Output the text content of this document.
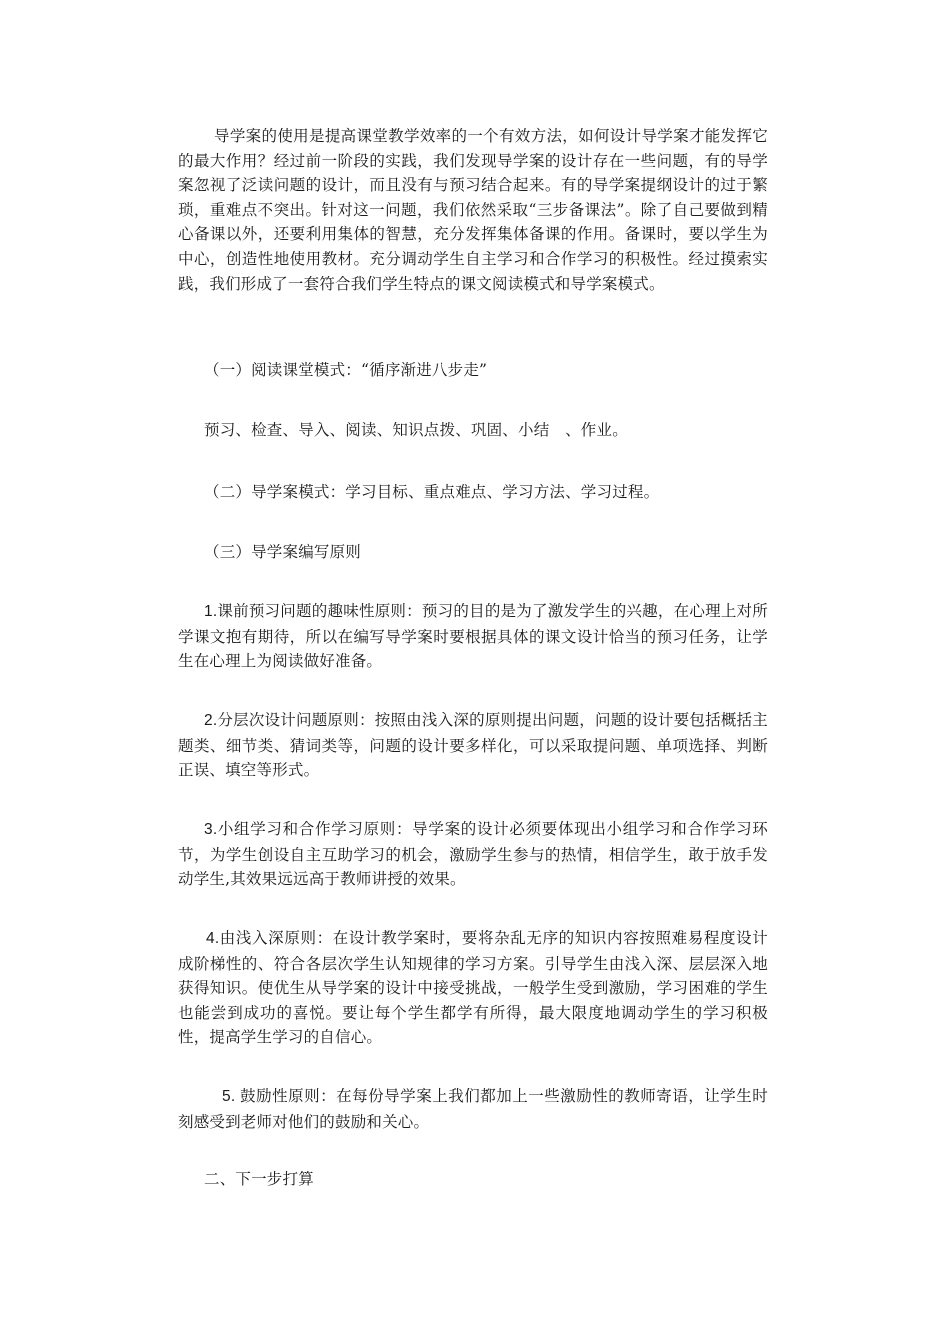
导学案的使用是提高课堂教学效率的一个有效方法，如何设计导学案才能发挥它的最大作用？经过前一阶段的实践，我们发现导学案的设计存在一些问题，有的导学案忽视了泛读问题的设计，而且没有与预习结合起来。有的导学案提纲设计的过于繁琐，重难点不突出。针对这一问题，我们依然采取“三步备课法”。除了自己要做到精心备课以外，还要利用集体的智慧，充分发挥集体备课的作用。备课时，要以学生为中心，创造性地使用教材。充分调动学生自主学习和合作学习的积极性。经过摸索实践，我们形成了一套符合我们学生特点的课文阅读模式和导学案模式。

（一）阅读课堂模式：“循序渐进八步走”

预习、检查、导入、阅读、知识点拨、巩固、小结　、作业。

（二）导学案模式：学习目标、重点难点、学习方法、学习过程。

（三）导学案编写原则

1.课前预习问题的趣味性原则：预习的目的是为了激发学生的兴趣，在心理上对所学课文抱有期待，所以在编写导学案时要根据具体的课文设计恰当的预习任务，让学生在心理上为阅读做好准备。

2.分层次设计问题原则：按照由浅入深的原则提出问题，问题的设计要包括概括主题类、细节类、猜词类等，问题的设计要多样化，可以采取提问题、单项选择、判断正误、填空等形式。

3.小组学习和合作学习原则：导学案的设计必须要体现出小组学习和合作学习环节，为学生创设自主互助学习的机会，激励学生参与的热情，相信学生，敢于放手发动学生,其效果远远高于教师讲授的效果。

4.由浅入深原则：在设计教学案时，要将杂乱无序的知识内容按照难易程度设计成阶梯性的、符合各层次学生认知规律的学习方案。引导学生由浅入深、层层深入地获得知识。使优生从导学案的设计中接受挑战，一般学生受到激励，学习困难的学生也能尝到成功的喜悦。要让每个学生都学有所得，最大限度地调动学生的学习积极性，提高学生学习的自信心。

5. 鼓励性原则：在每份导学案上我们都加上一些激励性的教师寄语，让学生时刻感受到老师对他们的鼓励和关心。

二、下一步打算
